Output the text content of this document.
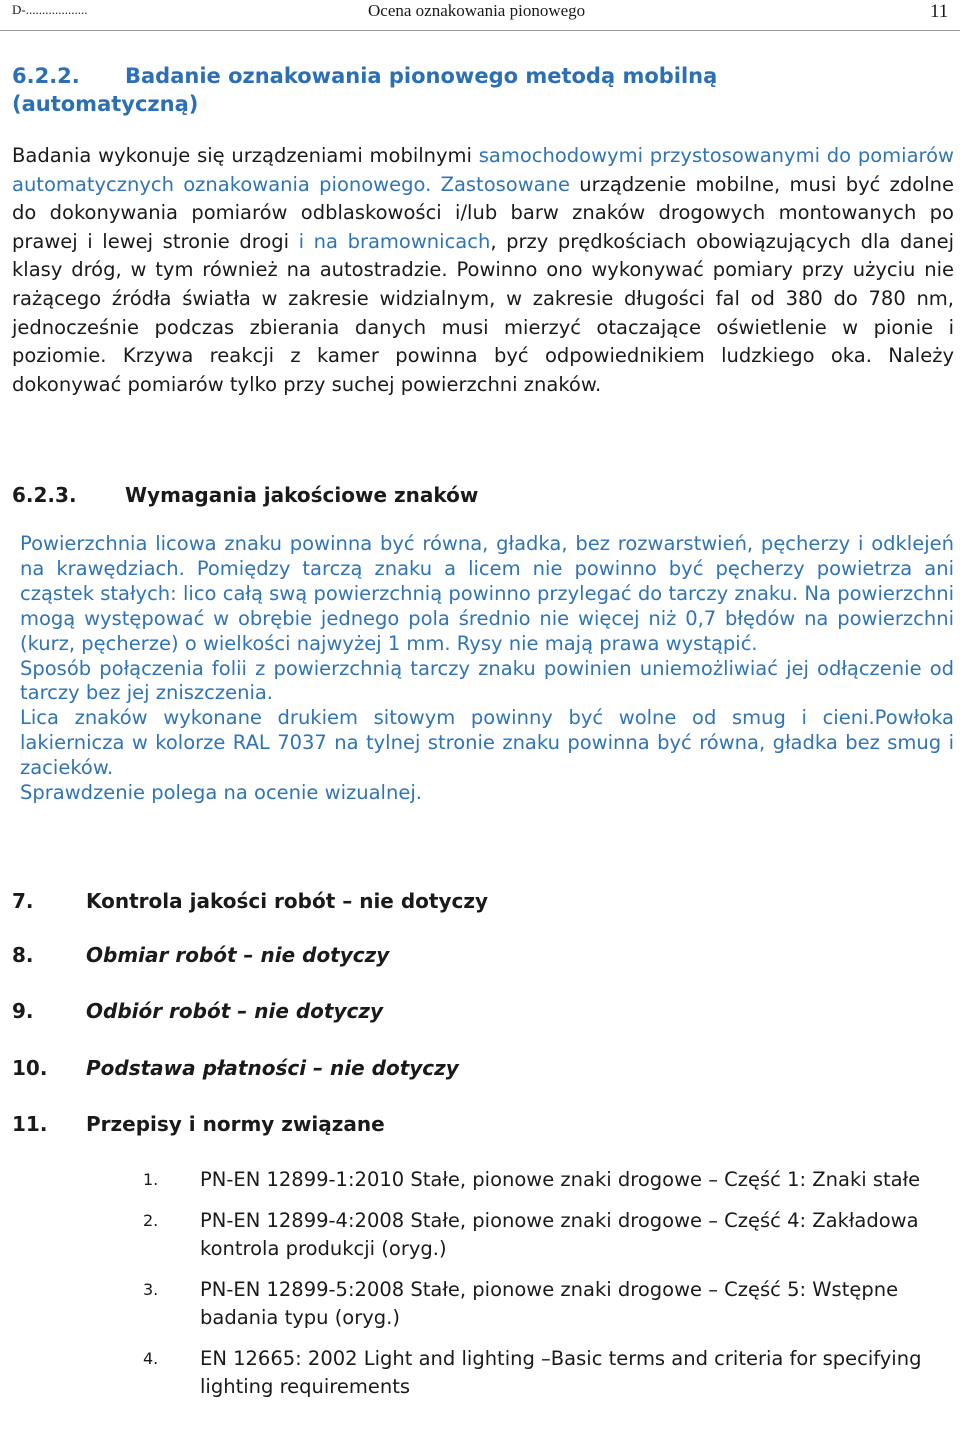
D-...................	Ocena oznakowania pionowego	11
6.2.2. Badanie oznakowania pionowego metodą mobilną
(automatyczną)
Badania wykonuje się urządzeniami mobilnymi samochodowymi przystosowanymi do pomiarów automatycznych oznakowania pionowego. Zastosowane urządzenie mobilne, musi być zdolne do dokonywania pomiarów odblaskowości i/lub barw znaków drogowych montowanych po prawej i lewej stronie drogi i na bramownicach, przy prędkościach obowiązujących dla danej klasy dróg, w tym również na autostradzie. Powinno ono wykonywać pomiary przy użyciu nie rażącego źródła światła w zakresie widzialnym, w zakresie długości fal od 380 do 780 nm, jednocześnie podczas zbierania danych musi mierzyć otaczające oświetlenie w pionie i poziomie. Krzywa reakcji z kamer powinna być odpowiednikiem ludzkiego oka. Należy dokonywać pomiarów tylko przy suchej powierzchni znaków.
6.2.3. Wymagania jakościowe znaków
Powierzchnia licowa znaku powinna być równa, gładka, bez rozwarstwień, pęcherzy i odklejeń na krawędziach. Pomiędzy tarczą znaku a licem nie powinno być pęcherzy powietrza ani cząstek stałych: lico całą swą powierzchnią powinno przylegać do tarczy znaku. Na powierzchni mogą występować w obrębie jednego pola średnio nie więcej niż 0,7 błędów na powierzchni (kurz, pęcherze) o wielkości najwyżej 1 mm. Rysy nie mają prawa wystąpić.
Sposób połączenia folii z powierzchnią tarczy znaku powinien uniemożliwiać jej odłączenie od tarczy bez jej zniszczenia.
Lica znaków wykonane drukiem sitowym powinny być wolne od smug i cieni.Powłoka lakiernicza w kolorze RAL 7037 na tylnej stronie znaku powinna być równa, gładka bez smug i zacieków.
Sprawdzenie polega na ocenie wizualnej.
7.	Kontrola jakości robót – nie dotyczy
8.	Obmiar robót – nie dotyczy
9.	Odbiór robót – nie dotyczy
10. Podstawa płatności – nie dotyczy
11. Przepisy i normy związane
1. PN-EN 12899-1:2010 Stałe, pionowe znaki drogowe – Część 1: Znaki stałe
2. PN-EN 12899-4:2008 Stałe, pionowe znaki drogowe – Część 4: Zakładowa kontrola produkcji (oryg.)
3. PN-EN 12899-5:2008 Stałe, pionowe znaki drogowe – Część 5: Wstępne badania typu (oryg.)
4. EN 12665: 2002 Light and lighting –Basic terms and criteria for specifying lighting requirements
